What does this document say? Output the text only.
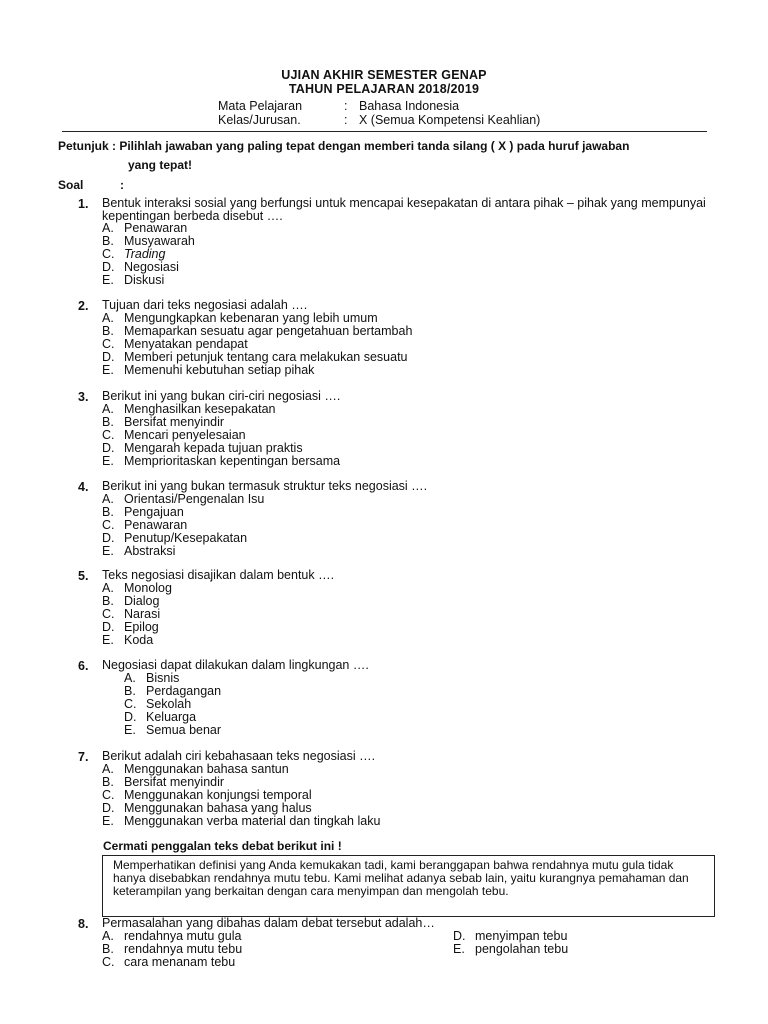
UJIAN AKHIR SEMESTER GENAP
TAHUN PELAJARAN 2018/2019
Mata Pelajaran	: Bahasa Indonesia
Kelas/Jurusan.	: X (Semua Kompetensi Keahlian)
Petunjuk : Pilihlah jawaban yang paling tepat dengan memberi tanda silang ( X ) pada huruf jawaban
yang tepat!
Soal	:
1. Bentuk interaksi sosial yang berfungsi untuk mencapai kesepakatan di antara pihak – pihak yang mempunyai kepentingan berbeda disebut ….
A. Penawaran
B. Musyawarah
C. Trading
D. Negosiasi
E. Diskusi
2. Tujuan dari teks negosiasi adalah ….
A. Mengungkapkan kebenaran yang lebih umum
B. Memaparkan sesuatu agar pengetahuan bertambah
C. Menyatakan pendapat
D. Memberi petunjuk tentang cara melakukan sesuatu
E. Memenuhi kebutuhan setiap pihak
3. Berikut ini yang bukan ciri-ciri negosiasi ….
A. Menghasilkan kesepakatan
B. Bersifat menyindir
C. Mencari penyelesaian
D. Mengarah kepada tujuan praktis
E. Memprioritaskan kepentingan bersama
4. Berikut ini yang bukan termasuk struktur teks negosiasi ….
A. Orientasi/Pengenalan Isu
B. Pengajuan
C. Penawaran
D. Penutup/Kesepakatan
E. Abstraksi
5. Teks negosiasi disajikan dalam bentuk ….
A. Monolog
B. Dialog
C. Narasi
D. Epilog
E. Koda
6. Negosiasi dapat dilakukan dalam lingkungan ….
A. Bisnis
B. Perdagangan
C. Sekolah
D. Keluarga
E. Semua benar
7. Berikut adalah ciri kebahasaan teks negosiasi ….
A. Menggunakan bahasa santun
B. Bersifat menyindir
C. Menggunakan konjungsi temporal
D. Menggunakan bahasa yang halus
E. Menggunakan verba material dan tingkah laku
Cermati penggalan teks debat berikut ini !
Memperhatikan definisi yang Anda kemukakan tadi, kami beranggapan bahwa rendahnya mutu gula tidak hanya disebabkan rendahnya mutu tebu. Kami melihat adanya sebab lain, yaitu kurangnya pemahaman dan keterampilan yang berkaitan dengan cara menyimpan dan mengolah tebu.
8. Permasalahan yang dibahas dalam debat tersebut adalah…
A. rendahnya mutu gula
B. rendahnya mutu tebu
C. cara menanam tebu
D. menyimpan tebu
E. pengolahan tebu
